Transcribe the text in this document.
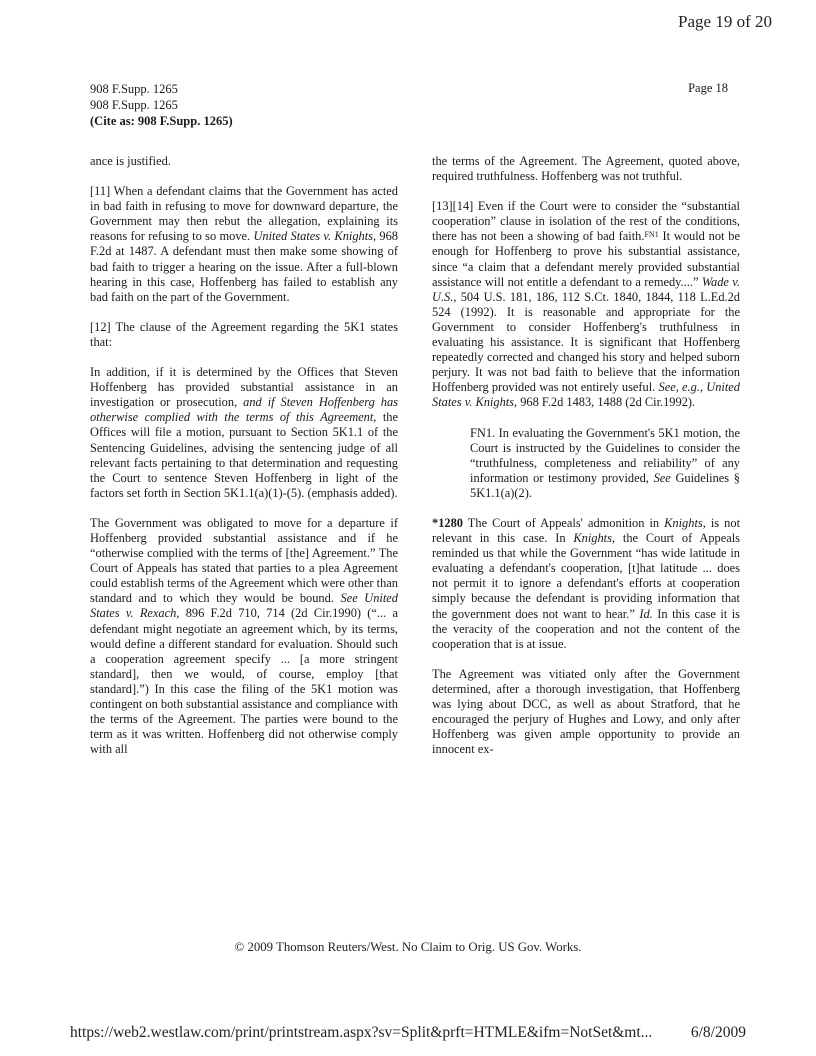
Page 19 of 20
908 F.Supp. 1265
908 F.Supp. 1265
(Cite as: 908 F.Supp. 1265)
Page 18

ance is justified.

[11] When a defendant claims that the Government has acted in bad faith in refusing to move for downward departure, the Government may then rebut the allegation, explaining its reasons for refusing to so move. United States v. Knights, 968 F.2d at 1487. A defendant must then make some showing of bad faith to trigger a hearing on the issue. After a full-blown hearing in this case, Hoffenberg has failed to establish any bad faith on the part of the Government.

[12] The clause of the Agreement regarding the 5K1 states that:

In addition, if it is determined by the Offices that Steven Hoffenberg has provided substantial assistance in an investigation or prosecution, and if Steven Hoffenberg has otherwise complied with the terms of this Agreement, the Offices will file a motion, pursuant to Section 5K1.1 of the Sentencing Guidelines, advising the sentencing judge of all relevant facts pertaining to that determination and requesting the Court to sentence Steven Hoffenberg in light of the factors set forth in Section 5K1.1(a)(1)-(5). (emphasis added).

The Government was obligated to move for a departure if Hoffenberg provided substantial assistance and if he “otherwise complied with the terms of [the] Agreement.” The Court of Appeals has stated that parties to a plea Agreement could establish terms of the Agreement which were other than standard and to which they would be bound. See United States v. Rexach, 896 F.2d 710, 714 (2d Cir.1990) (“... a defendant might negotiate an agreement which, by its terms, would define a different standard for evaluation. Should such a cooperation agreement specify ... [a more stringent standard], then we would, of course, employ [that standard].”) In this case the filing of the 5K1 motion was contingent on both substantial assistance and compliance with the terms of the Agreement. The parties were bound to the term as it was written. Hoffenberg did not otherwise comply with all

the terms of the Agreement. The Agreement, quoted above, required truthfulness. Hoffenberg was not truthful.

[13][14] Even if the Court were to consider the “substantial cooperation” clause in isolation of the rest of the conditions, there has not been a showing of bad faith.$^{FN1}$ It would not be enough for Hoffenberg to prove his substantial assistance, since “a claim that a defendant merely provided substantial assistance will not entitle a defendant to a remedy....” Wade v. U.S., 504 U.S. 181, 186, 112 S.Ct. 1840, 1844, 118 L.Ed.2d 524 (1992). It is reasonable and appropriate for the Government to consider Hoffenberg's truthfulness in evaluating his assistance. It is significant that Hoffenberg repeatedly corrected and changed his story and helped suborn perjury. It was not bad faith to believe that the information Hoffenberg provided was not entirely useful. See, e.g., United States v. Knights, 968 F.2d 1483, 1488 (2d Cir.1992).

FN1. In evaluating the Government's 5K1 motion, the Court is instructed by the Guidelines to consider the “truthfulness, completeness and reliability” of any information or testimony provided, See Guidelines § 5K1.1(a)(2).

*1280 The Court of Appeals' admonition in Knights, is not relevant in this case. In Knights, the Court of Appeals reminded us that while the Government “has wide latitude in evaluating a defendant's cooperation, [t]hat latitude ... does not permit it to ignore a defendant's efforts at cooperation simply because the defendant is providing information that the government does not want to hear.” Id. In this case it is the veracity of the cooperation and not the content of the cooperation that is at issue.

The Agreement was vitiated only after the Government determined, after a thorough investigation, that Hoffenberg was lying about DCC, as well as about Stratford, that he encouraged the perjury of Hughes and Lowy, and only after Hoffenberg was given ample opportunity to provide an innocent ex-

© 2009 Thomson Reuters/West. No Claim to Orig. US Gov. Works.
https://web2.westlaw.com/print/printstream.aspx?sv=Split&prft=HTMLE&ifm=NotSet&mt... 6/8/2009
